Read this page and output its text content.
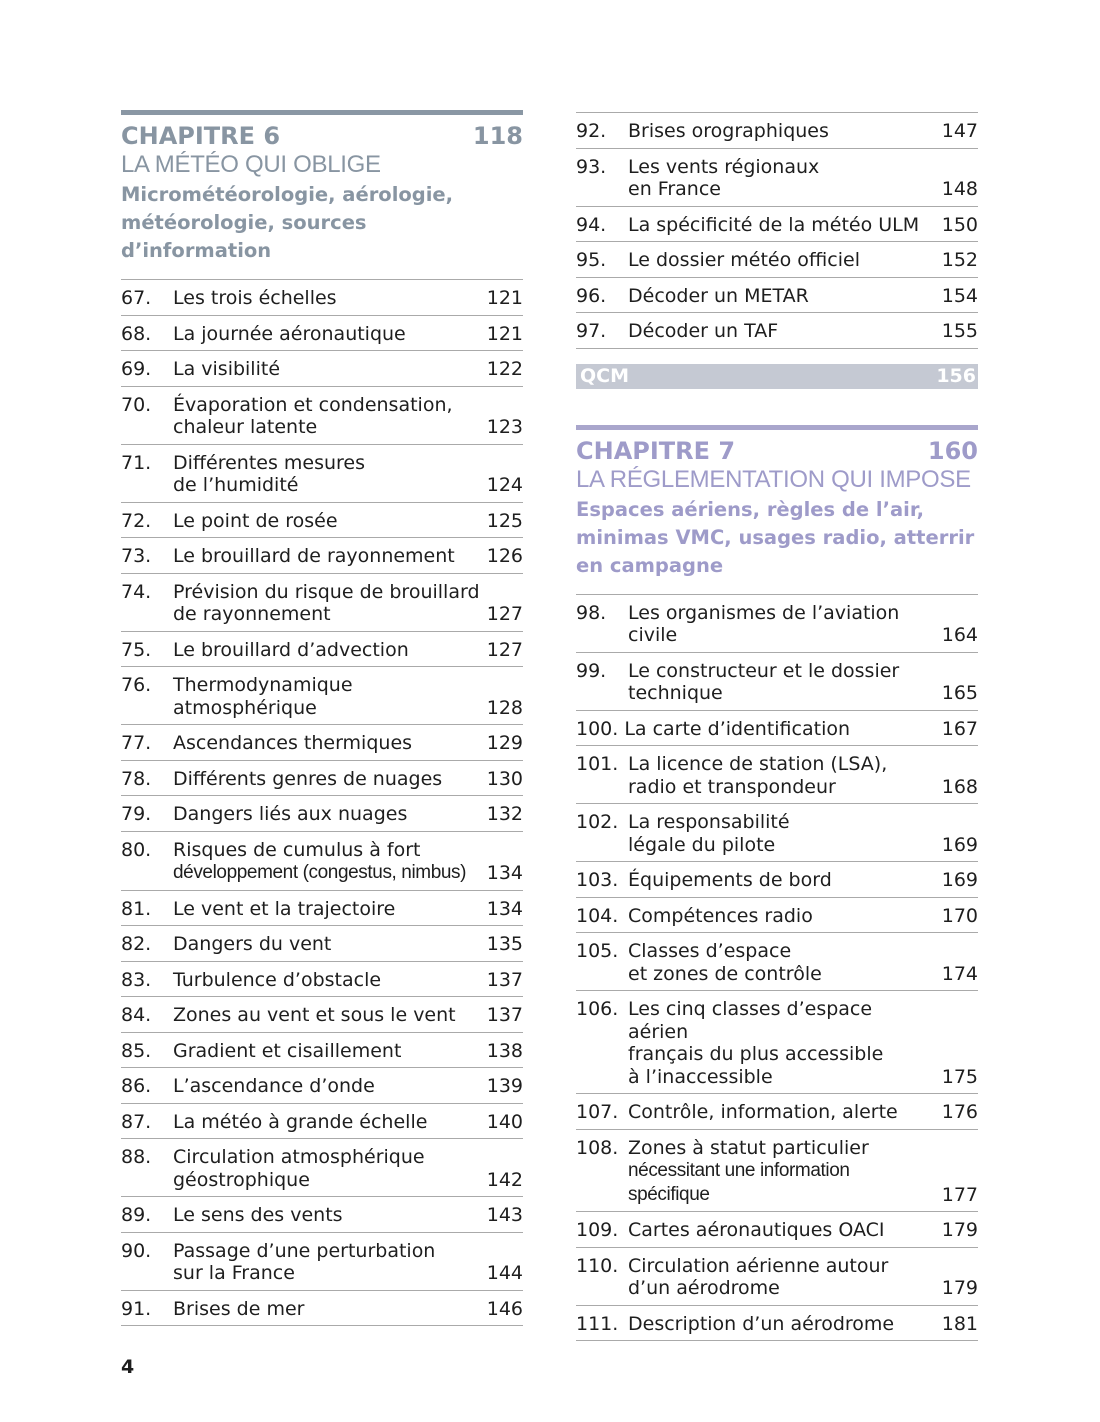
CHAPITRE 6	118
LA MÉTÉO QUI OBLIGE
Micrométéorologie, aérologie, météorologie, sources d’information
67.	Les trois échelles	121
68.	La journée aéronautique	121
69.	La visibilité	122
70.	Évaporation et condensation,
chaleur latente	123
71.	Différentes mesures
de l’humidité	124
72.	Le point de rosée	125
73.	Le brouillard de rayonnement	126
74.	Prévision du risque de brouillard
de rayonnement	127
75.	Le brouillard d’advection	127
76.	Thermodynamique atmosphérique	128
77.	Ascendances thermiques	129
78.	Différents genres de nuages	130
79.	Dangers liés aux nuages	132
80.	Risques de cumulus à fort
développement (congestus, nimbus)	134
81.	Le vent et la trajectoire	134
82.	Dangers du vent	135
83.	Turbulence d’obstacle	137
84.	Zones au vent et sous le vent	137
85.	Gradient et cisaillement	138
86.	L’ascendance d’onde	139
87.	La météo à grande échelle	140
88.	Circulation atmosphérique
géostrophique	142
89.	Le sens des vents	143
90.	Passage d’une perturbation
sur la France	144
91.	Brises de mer	146
92.	Brises orographiques	147
93.	Les vents régionaux
en France	148
94.	La spécificité de la météo ULM	150
95.	Le dossier météo officiel	152
96.	Décoder un METAR	154
97.	Décoder un TAF	155
QCM	156
CHAPITRE 7	160
LA RÉGLEMENTATION QUI IMPOSE
Espaces aériens, règles de l’air, minimas VMC, usages radio, atterrir en campagne
98.	Les organismes de l’aviation civile	164
99.	Le constructeur et le dossier
technique	165
100. La carte d’identification	167
101. La licence de station (LSA),
radio et transpondeur	168
102. La responsabilité
légale du pilote	169
103. Équipements de bord	169
104. Compétences radio	170
105. Classes d’espace
et zones de contrôle	174
106. Les cinq classes d’espace aérien
français du plus accessible
à l’inaccessible	175
107. Contrôle, information, alerte	176
108. Zones à statut particulier
nécessitant une information spécifique	177
109. Cartes aéronautiques OACI	179
110. Circulation aérienne autour
d’un aérodrome	179
111. Description d’un aérodrome	181
4
